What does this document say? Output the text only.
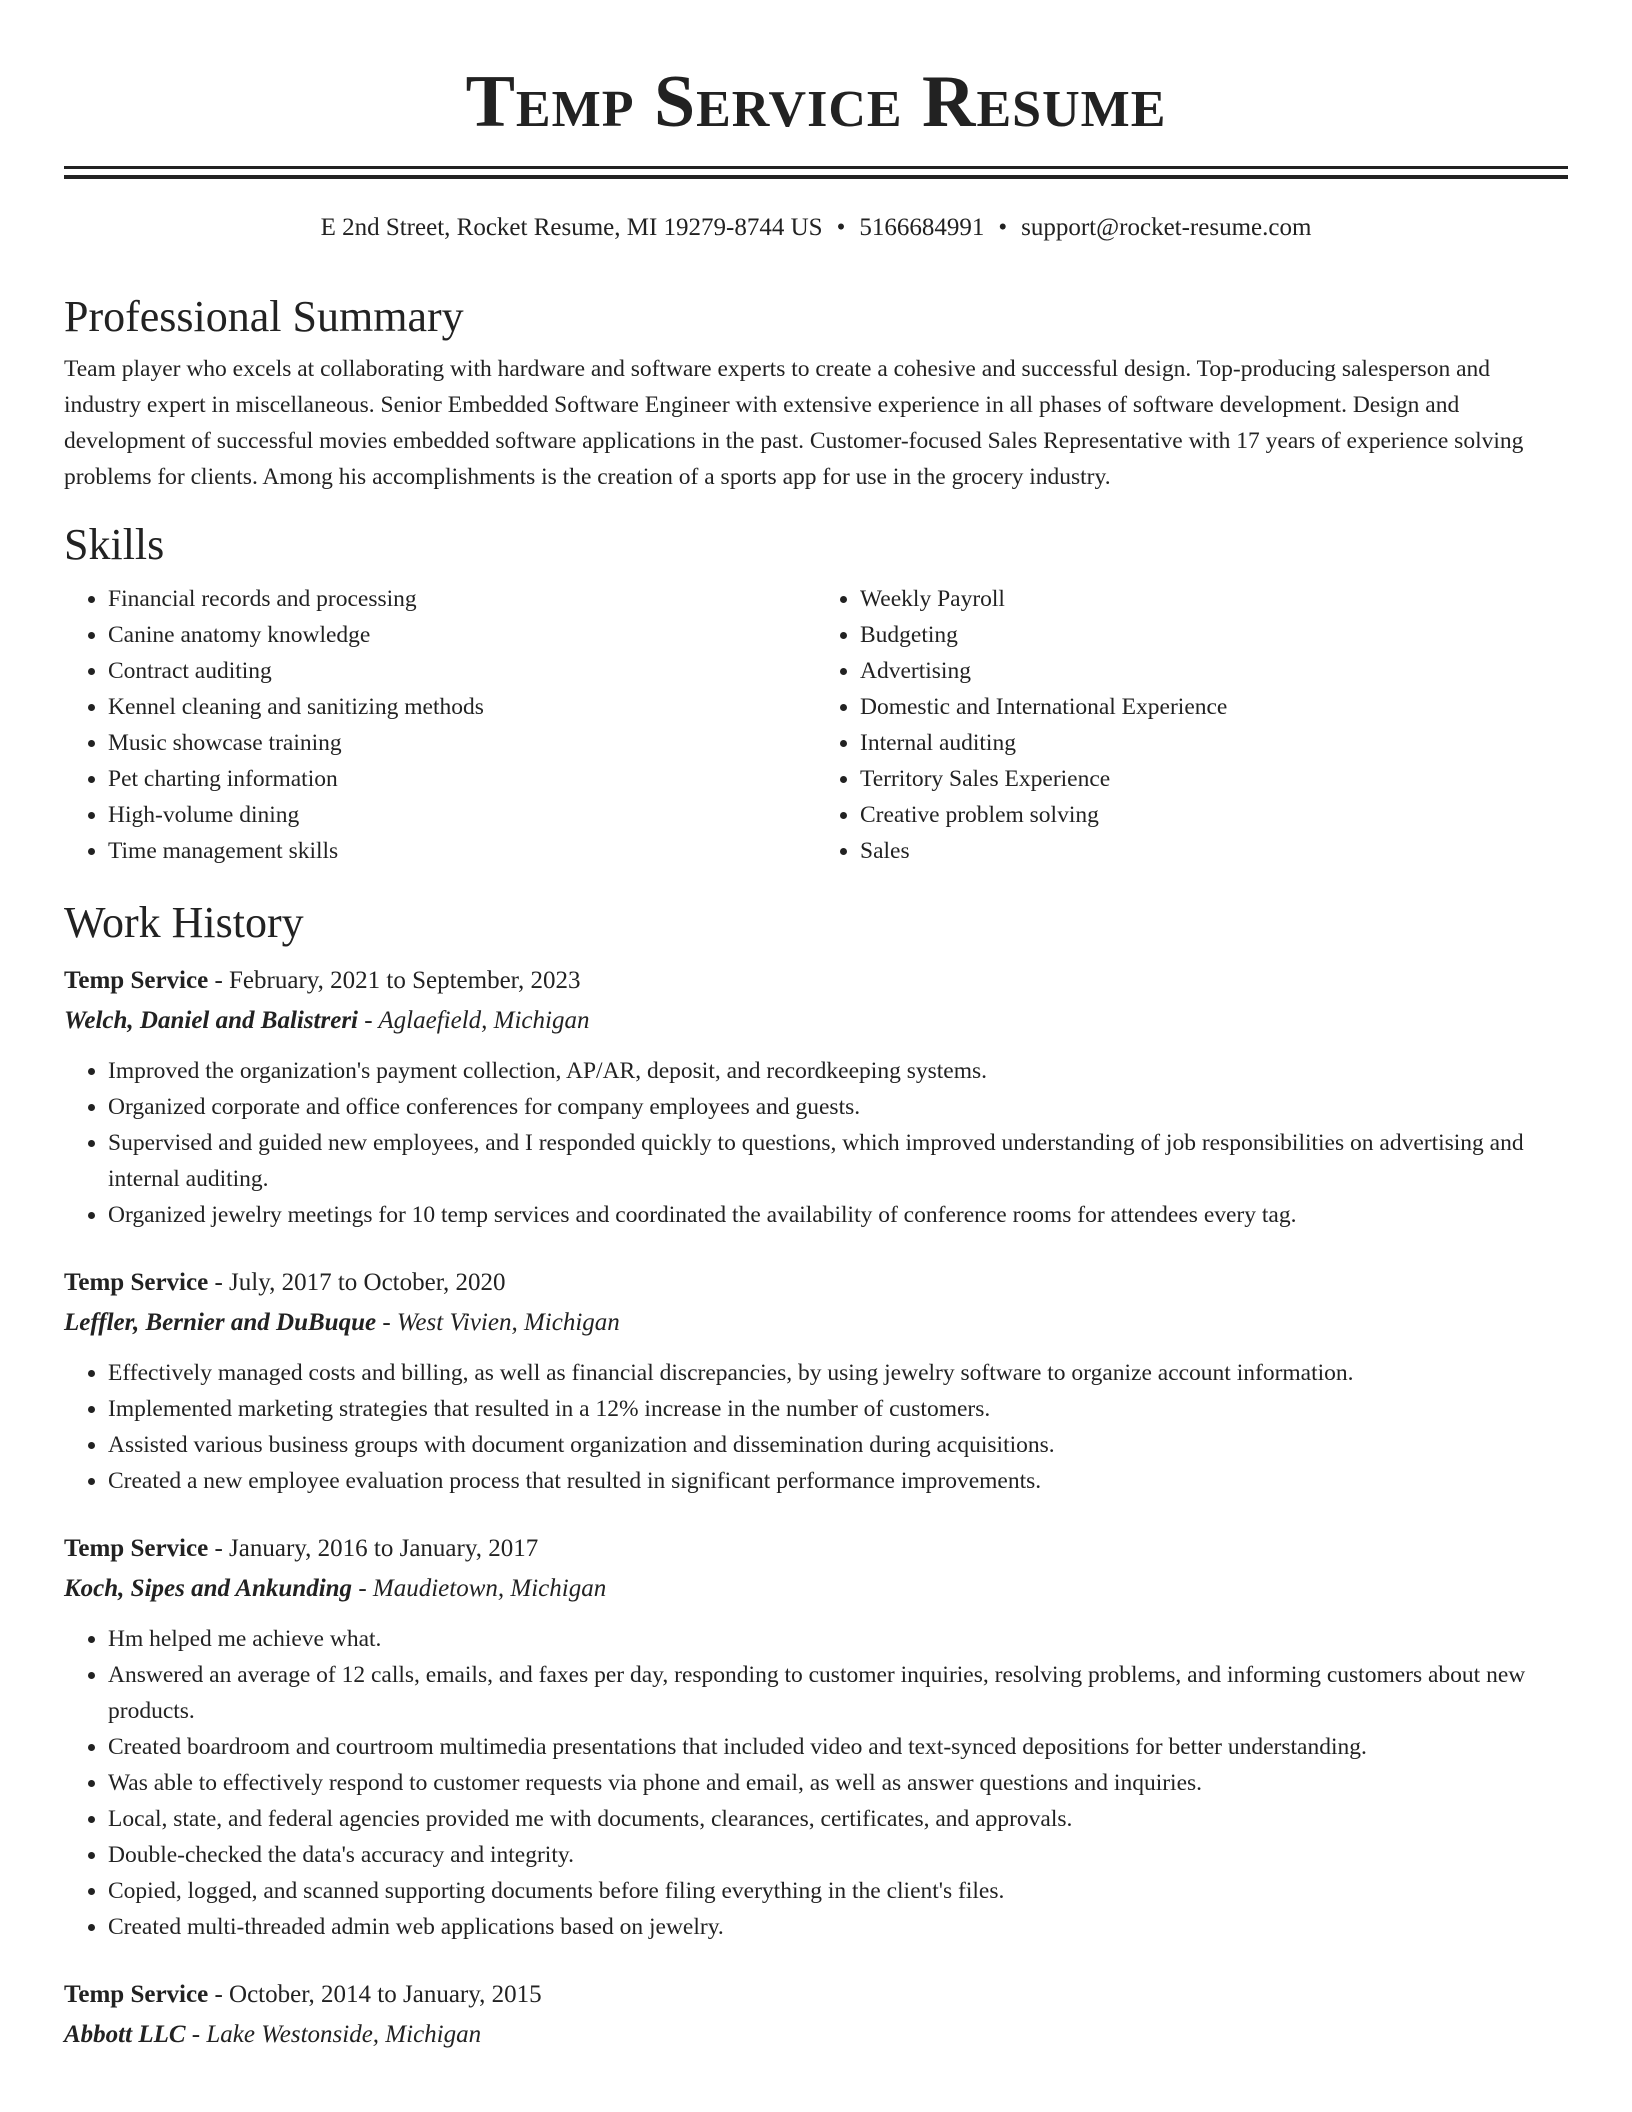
Temp Service Resume
E 2nd Street, Rocket Resume, MI 19279-8744 US • 5166684991 • support@rocket-resume.com
Professional Summary

Team player who excels at collaborating with hardware and software experts to create a cohesive and successful design. Top-producing salesperson and industry expert in miscellaneous. Senior Embedded Software Engineer with extensive experience in all phases of software development. Design and development of successful movies embedded software applications in the past. Customer-focused Sales Representative with 17 years of experience solving problems for clients. Among his accomplishments is the creation of a sports app for use in the grocery industry.

Skills
• Financial records and processing
• Canine anatomy knowledge
• Contract auditing
• Kennel cleaning and sanitizing methods
• Music showcase training
• Pet charting information
• High-volume dining
• Time management skills
• Weekly Payroll
• Budgeting
• Advertising
• Domestic and International Experience
• Internal auditing
• Territory Sales Experience
• Creative problem solving
• Sales
Work History
Temp Service - February, 2021 to September, 2023
Welch, Daniel and Balistreri - Aglaefield, Michigan
• Improved the organization's payment collection, AP/AR, deposit, and recordkeeping systems.
• Organized corporate and office conferences for company employees and guests.
• Supervised and guided new employees, and I responded quickly to questions, which improved understanding of job responsibilities on advertising and internal auditing.
• Organized jewelry meetings for 10 temp services and coordinated the availability of conference rooms for attendees every tag.
Temp Service - July, 2017 to October, 2020
Leffler, Bernier and DuBuque - West Vivien, Michigan
• Effectively managed costs and billing, as well as financial discrepancies, by using jewelry software to organize account information.
• Implemented marketing strategies that resulted in a 12% increase in the number of customers.
• Assisted various business groups with document organization and dissemination during acquisitions.
• Created a new employee evaluation process that resulted in significant performance improvements.
Temp Service - January, 2016 to January, 2017
Koch, Sipes and Ankunding - Maudietown, Michigan
• Hm helped me achieve what.
• Answered an average of 12 calls, emails, and faxes per day, responding to customer inquiries, resolving problems, and informing customers about new products.
• Created boardroom and courtroom multimedia presentations that included video and text-synced depositions for better understanding.
• Was able to effectively respond to customer requests via phone and email, as well as answer questions and inquiries.
• Local, state, and federal agencies provided me with documents, clearances, certificates, and approvals.
• Double-checked the data's accuracy and integrity.
• Copied, logged, and scanned supporting documents before filing everything in the client's files.
• Created multi-threaded admin web applications based on jewelry.
Temp Service - October, 2014 to January, 2015
Abbott LLC - Lake Westonside, Michigan
